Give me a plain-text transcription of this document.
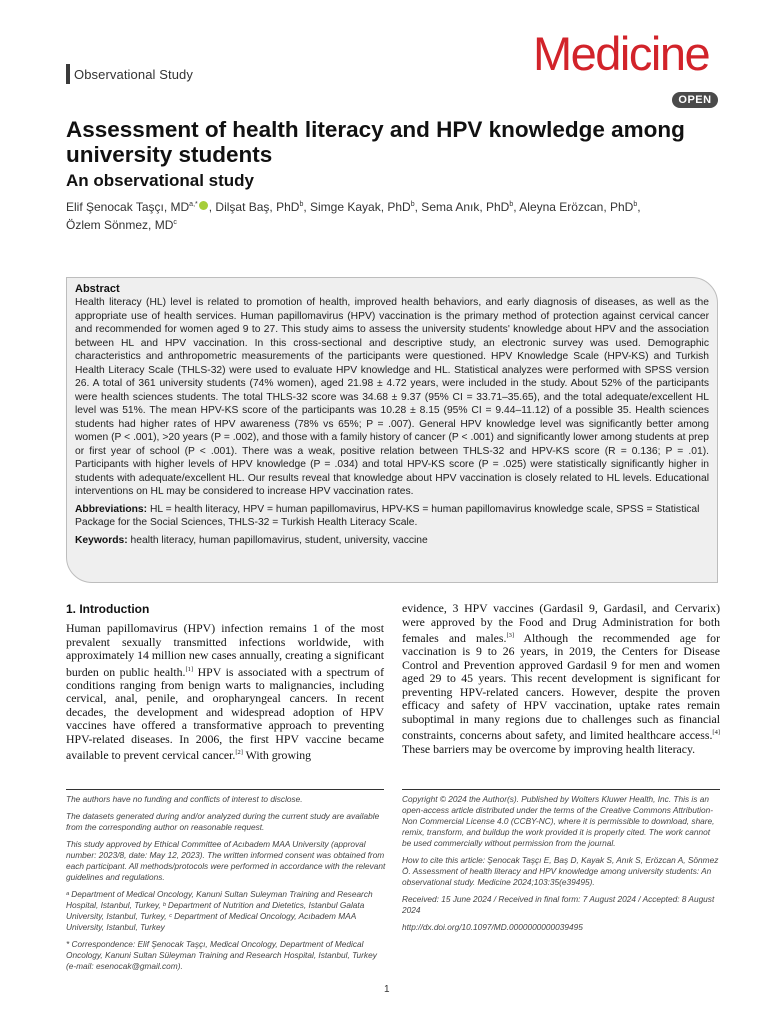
Observational Study	Medicine
OPEN
Assessment of health literacy and HPV knowledge among university students
An observational study
Elif Şenocak Taşçı, $MD^{a,*}$ , Dilşat Baş, PhD$^b$, Simge Kayak, PhD$^b$, Sema Anık, PhD$^b$, Aleyna Erözcan, PhD$^b$,
Özlem Sönmez, $MD^c$
Abstract
Health literacy (HL) level is related to promotion of health, improved health behaviors, and early diagnosis of diseases, as well as the appropriate use of health services. Human papillomavirus (HPV) vaccination is the primary method of protection against cervical cancer and recommended for women aged 9 to 27. This study aims to assess the university students' knowledge about HPV and the association between HL and HPV vaccination. In this cross-sectional and descriptive study, an electronic survey was used. Demographic characteristics and anthropometric measurements of the participants were questioned. HPV Knowledge Scale (HPV-KS) and Turkish Health Literacy Scale (THLS-32) were used to evaluate HPV knowledge and HL. Statistical analyzes were performed with SPSS version 26. A total of 361 university students (74% women), aged 21.98 ± 4.72 years, were included in the study. About 52% of the participants were health sciences students. The total THLS-32 score was 34.68 ± 9.37 (95% CI = 33.71–35.65), and the total adequate/excellent HL level was 51%. The mean HPV-KS score of the participants was 10.28 ± 8.15 (95% CI = 9.44–11.12) of a possible 35. Health sciences students had higher rates of HPV awareness (78% vs 65%; P = .007). General HPV knowledge level was significantly better among women (P < .001), >20 years (P = .002), and those with a family history of cancer (P < .001) and significantly lower among students at prep or first year of school (P < .001). There was a weak, positive relation between THLS-32 and HPV-KS score (R = 0.136; P = .01). Participants with higher levels of HPV knowledge (P = .034) and total HPV-KS score (P = .025) were statistically significantly higher in students with adequate/excellent HL. Our results reveal that knowledge about HPV vaccination is closely related to HL levels. Educational interventions on HL may be considered to increase HPV vaccination rates.
Abbreviations: HL = health literacy, HPV = human papillomavirus, HPV-KS = human papillomavirus knowledge scale, SPSS = Statistical Package for the Social Sciences, THLS-32 = Turkish Health Literacy Scale.
Keywords: health literacy, human papillomavirus, student, university, vaccine
1. Introduction

Human papillomavirus (HPV) infection remains 1 of the most prevalent sexually transmitted infections worldwide, with approximately 14 million new cases annually, creating a significant burden on public health.[1] HPV is associated with a spectrum of conditions ranging from benign warts to malignancies, including cervical, anal, penile, and oropharyngeal cancers. In recent decades, the development and widespread adoption of HPV vaccines have offered a transformative approach to preventing HPV-related diseases. In 2006, the first HPV vaccine became available to prevent cervical cancer.[2] With growing

evidence, 3 HPV vaccines (Gardasil 9, Gardasil, and Cervarix) were approved by the Food and Drug Administration for both females and males.[3] Although the recommended age for vaccination is 9 to 26 years, in 2019, the Centers for Disease Control and Prevention approved Gardasil 9 for men and women aged 29 to 45 years. This recent development is significant for preventing HPV-related cancers. However, despite the proven efficacy and safety of HPV vaccination, uptake rates remain suboptimal in many regions due to challenges such as financial constraints, concerns about safety, and limited healthcare access.[4] These barriers may be overcome by improving health literacy.

The authors have no funding and conflicts of interest to disclose.

The datasets generated during and/or analyzed during the current study are available from the corresponding author on reasonable request.

This study approved by Ethical Committee of Acıbadem MAA University (approval number: 2023/8, date: May 12, 2023). The written informed consent was obtained from each participant. All methods/protocols were performed in accordance with the relevant guidelines and regulations.

ᵃ Department of Medical Oncology, Kanuni Sultan Suleyman Training and Research Hospital, Istanbul, Turkey, ᵇ Department of Nutrition and Dietetics, Istanbul Galata University, Istanbul, Turkey, ᶜ Department of Medical Oncology, Acıbadem MAA University, Istanbul, Turkey

* Correspondence: Elif Şenocak Taşçı, Medical Oncology, Department of Medical Oncology, Kanuni Sultan Süleyman Training and Research Hospital, Istanbul, Turkey (e-mail: esenocak@gmail.com).

Copyright © 2024 the Author(s). Published by Wolters Kluwer Health, Inc. This is an open-access article distributed under the terms of the Creative Commons Attribution-Non Commercial License 4.0 (CCBY-NC), where it is permissible to download, share, remix, transform, and buildup the work provided it is properly cited. The work cannot be used commercially without permission from the journal.

How to cite this article: Şenocak Taşçı E, Baş D, Kayak S, Anık S, Erözcan A, Sönmez Ö. Assessment of health literacy and HPV knowledge among university students: An observational study. Medicine 2024;103:35(e39495).

Received: 15 June 2024 / Received in final form: 7 August 2024 / Accepted: 8 August 2024

http://dx.doi.org/10.1097/MD.0000000000039495

1
